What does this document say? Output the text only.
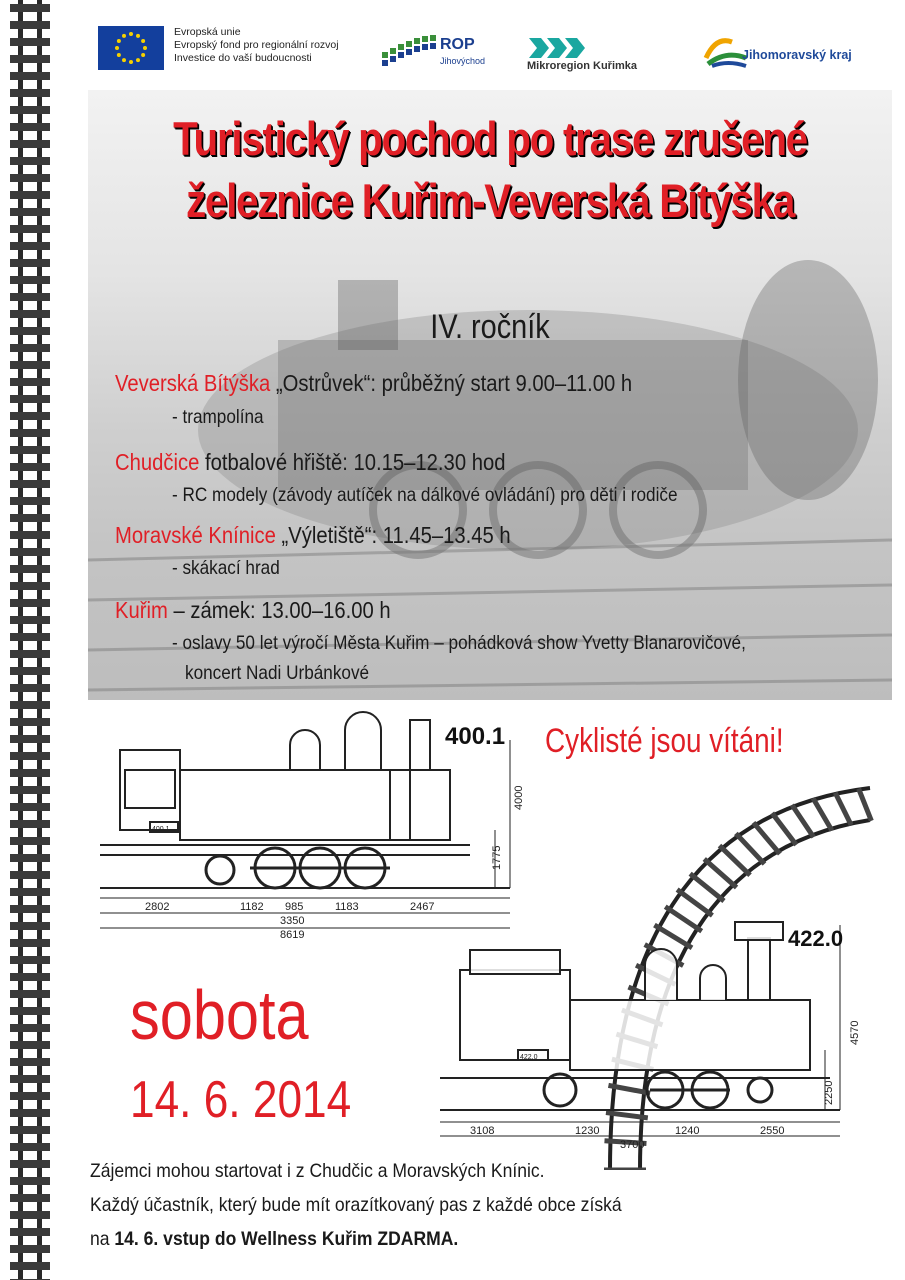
Evropská unie
Evropský fond pro regionální rozvoj
Investice do vaší budoucnosti
ROP
Jihovýchod	Mikroregion Kuřimka
Jihomoravský kraj
Turistický pochod po trase zrušené
železnice Kuřim-Veverská Bítýška
IV. ročník
Veverská Bítýška „Ostrůvek“: průběžný start 9.00–11.00 h
- trampolína
Chudčice fotbalové hřiště: 10.15–12.30 hod
- RC modely (závody autíček na dálkové ovládání) pro děti i rodiče
Moravské Knínice „Výletiště“: 11.45–13.45 h
- skákací hrad
Kuřim – zámek: 13.00–16.00 h
- oslavy 50 let výročí Města Kuřim – pohádková show Yvetty Blanarovičové,
koncert Nadi Urbánkové
Cyklisté jsou vítáni!
400.1
2802	1182 985	1183	2467
3350
8619
1775
4000
400.1
422.0
3108	1230	1240	2550
3700
2250
4570
422.0
sobota
14. 6. 2014
Zájemci mohou startovat i z Chudčic a Moravských Knínic.
Každý účastník, který bude mít orazítkovaný pas z každé obce získá
na 14. 6. vstup do Wellness Kuřim ZDARMA.
